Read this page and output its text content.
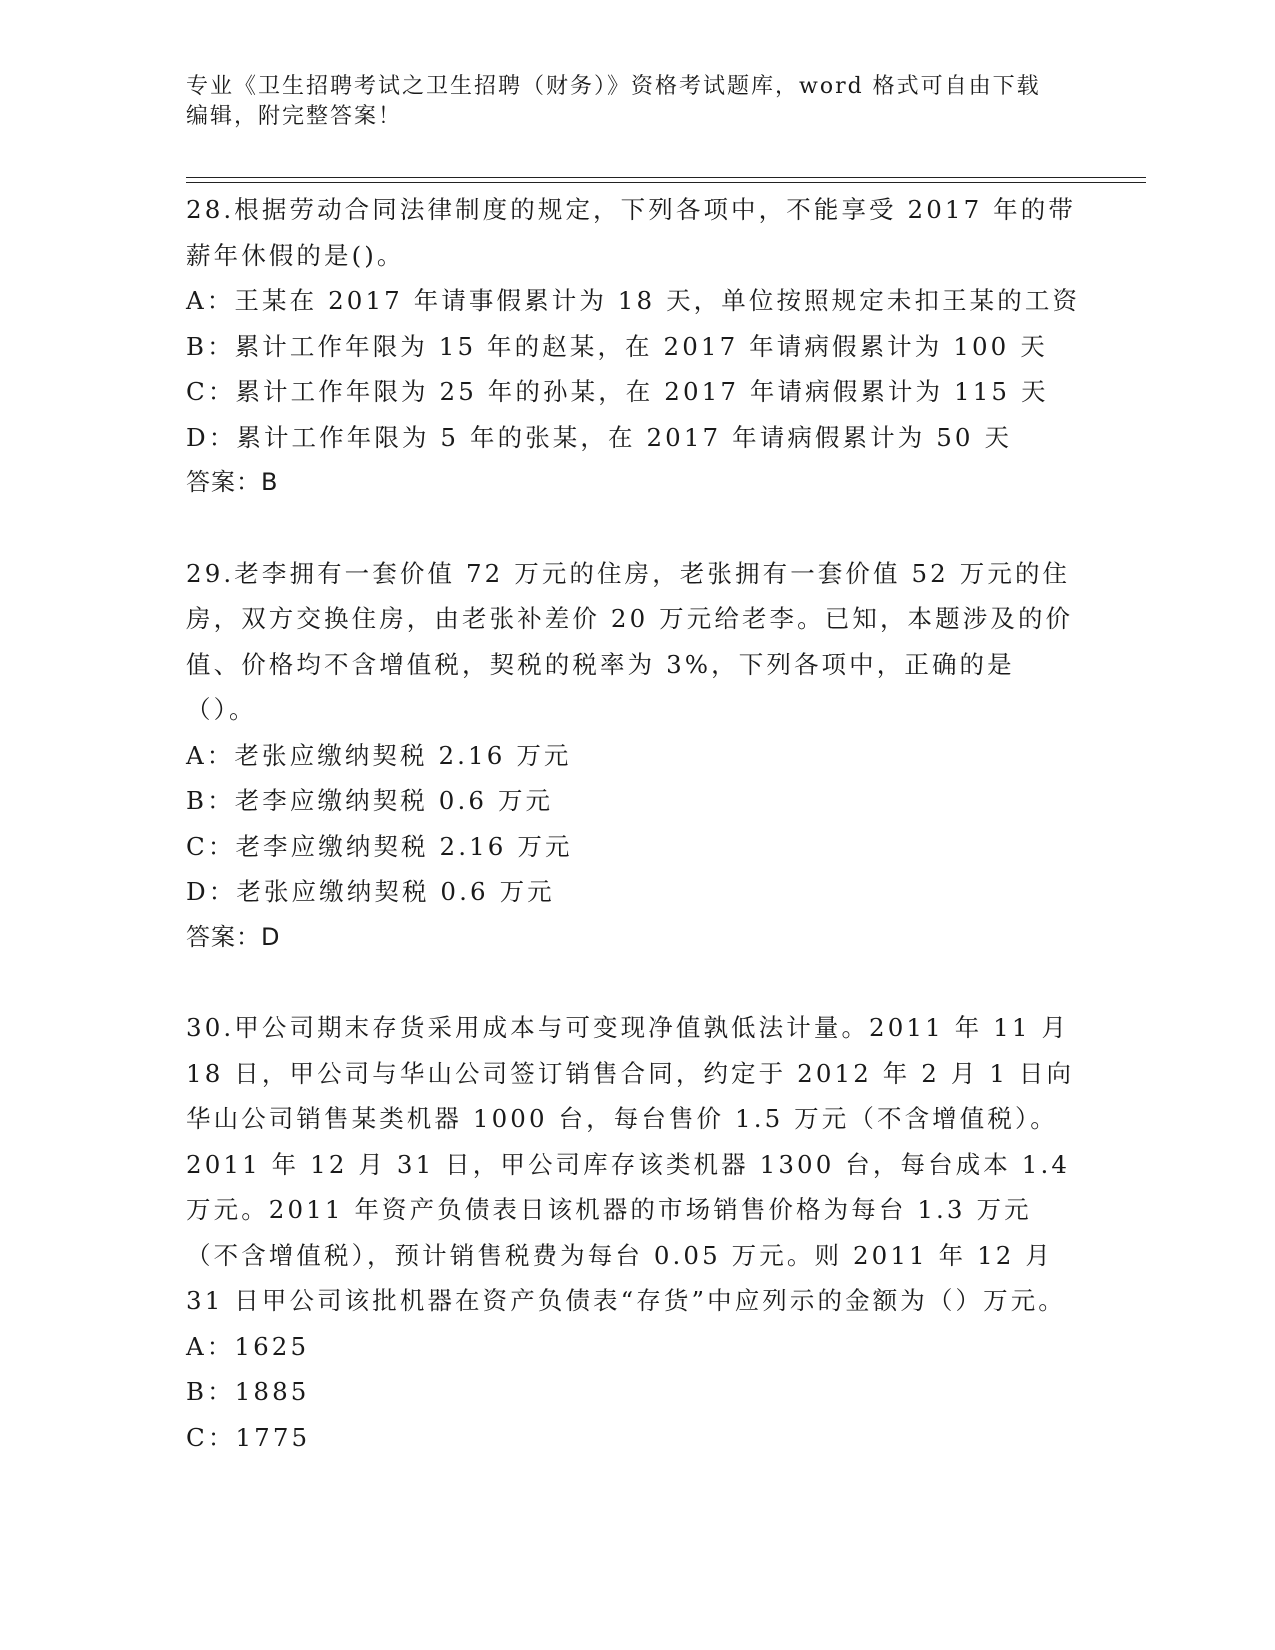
专业《卫生招聘考试之卫生招聘（财务）》资格考试题库，word 格式可自由下载
编辑，附完整答案！
28.根据劳动合同法律制度的规定，下列各项中，不能享受 2017 年的带薪年休假的是()。
A：王某在 2017 年请事假累计为 18 天，单位按照规定未扣王某的工资
B：累计工作年限为 15 年的赵某，在 2017 年请病假累计为 100 天
C：累计工作年限为 25 年的孙某，在 2017 年请病假累计为 115 天
D：累计工作年限为 5 年的张某，在 2017 年请病假累计为 50 天
答案：B
29.老李拥有一套价值 72 万元的住房，老张拥有一套价值 52 万元的住房，双方交换住房，由老张补差价 20 万元给老李。已知，本题涉及的价值、价格均不含增值税，契税的税率为 3%，下列各项中，正确的是（）。
A：老张应缴纳契税 2.16 万元
B：老李应缴纳契税 0.6 万元
C：老李应缴纳契税 2.16 万元
D：老张应缴纳契税 0.6 万元
答案：D
30.甲公司期末存货采用成本与可变现净值孰低法计量。2011 年 11 月 18 日，甲公司与华山公司签订销售合同，约定于 2012 年 2 月 1 日向华山公司销售某类机器 1000 台，每台售价 1.5 万元（不含增值税）。2011 年 12 月 31 日，甲公司库存该类机器 1300 台，每台成本 1.4 万元。2011 年资产负债表日该机器的市场销售价格为每台 1.3 万元（不含增值税），预计销售税费为每台 0.05 万元。则 2011 年 12 月 31 日甲公司该批机器在资产负债表“存货”中应列示的金额为（）万元。
A：1625
B：1885
C：1775
